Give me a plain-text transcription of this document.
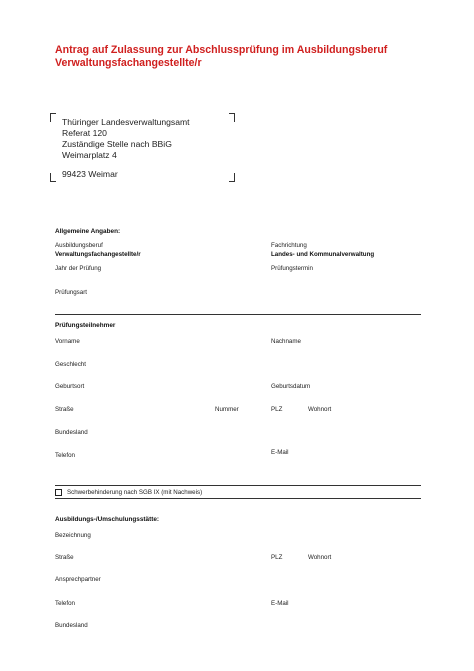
Antrag auf Zulassung zur Abschlussprüfung im Ausbildungsberuf
Verwaltungsfachangestellte/r
Thüringer Landesverwaltungsamt
Referat 120
Zuständige Stelle nach BBiG
Weimarplatz 4
99423 Weimar
Allgemeine Angaben:
Ausbildungsberuf
Verwaltungsfachangestellte/r
Fachrichtung
Landes- und Kommunalverwaltung
Jahr der Prüfung	Prüfungstermin
Prüfungsart
Prüfungsteilnehmer
Vorname	Nachname
Geschlecht
Geburtsort	Geburtsdatum
Straße	Nummer	PLZ	Wohnort
Bundesland
Telefon	E-Mail
Schwerbehinderung nach SGB IX (mit Nachweis)
Ausbildungs-/Umschulungsstätte:
Bezeichnung
Straße	PLZ	Wohnort
Ansprechpartner
Telefon	E-Mail
Bundesland
